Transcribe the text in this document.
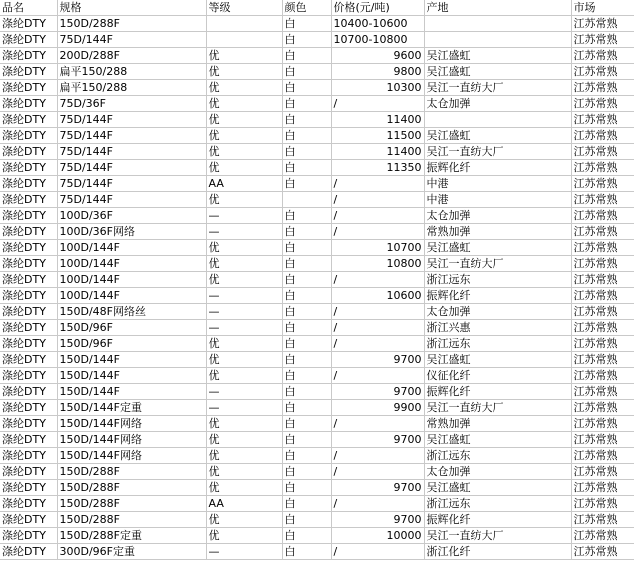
品名	规格	等级	颜色	价格(元/吨)	产地	市场
涤纶DTY	150D/288F		白	10400-10600		江苏常熟
涤纶DTY	75D/144F		白	10700-10800		江苏常熟
涤纶DTY	200D/288F	优	白	9600	吴江盛虹	江苏常熟
涤纶DTY	扁平150/288	优	白	9800	吴江盛虹	江苏常熟
涤纶DTY	扁平150/288	优	白	10300	吴江一直纺大厂	江苏常熟
涤纶DTY	75D/36F	优	白	/	太仓加弹	江苏常熟
涤纶DTY	75D/144F	优	白	11400		江苏常熟
涤纶DTY	75D/144F	优	白	11500	吴江盛虹	江苏常熟
涤纶DTY	75D/144F	优	白	11400	吴江一直纺大厂	江苏常熟
涤纶DTY	75D/144F	优	白	11350	振辉化纤	江苏常熟
涤纶DTY	75D/144F	AA	白	/	中港	江苏常熟
涤纶DTY	75D/144F	优		/	中港	江苏常熟
涤纶DTY	100D/36F	—	白	/	太仓加弹	江苏常熟
涤纶DTY	100D/36F网络	—	白	/	常熟加弹	江苏常熟
涤纶DTY	100D/144F	优	白	10700	吴江盛虹	江苏常熟
涤纶DTY	100D/144F	优	白	10800	吴江一直纺大厂	江苏常熟
涤纶DTY	100D/144F	优	白	/	浙江远东	江苏常熟
涤纶DTY	100D/144F	—	白	10600	振辉化纤	江苏常熟
涤纶DTY	150D/48F网络丝	—	白	/	太仓加弹	江苏常熟
涤纶DTY	150D/96F	—	白	/	浙江兴惠	江苏常熟
涤纶DTY	150D/96F	优	白	/	浙江远东	江苏常熟
涤纶DTY	150D/144F	优	白	9700	吴江盛虹	江苏常熟
涤纶DTY	150D/144F	优	白	/	仪征化纤	江苏常熟
涤纶DTY	150D/144F	—	白	9700	振辉化纤	江苏常熟
涤纶DTY	150D/144F定重	—	白	9900	吴江一直纺大厂	江苏常熟
涤纶DTY	150D/144F网络	优	白	/	常熟加弹	江苏常熟
涤纶DTY	150D/144F网络	优	白	9700	吴江盛虹	江苏常熟
涤纶DTY	150D/144F网络	优	白	/	浙江远东	江苏常熟
涤纶DTY	150D/288F	优	白	/	太仓加弹	江苏常熟
涤纶DTY	150D/288F	优	白	9700	吴江盛虹	江苏常熟
涤纶DTY	150D/288F	AA	白	/	浙江远东	江苏常熟
涤纶DTY	150D/288F	优	白	9700	振辉化纤	江苏常熟
涤纶DTY	150D/288F定重	优	白	10000	吴江一直纺大厂	江苏常熟
涤纶DTY	300D/96F定重	—	白	/	浙江化纤	江苏常熟
